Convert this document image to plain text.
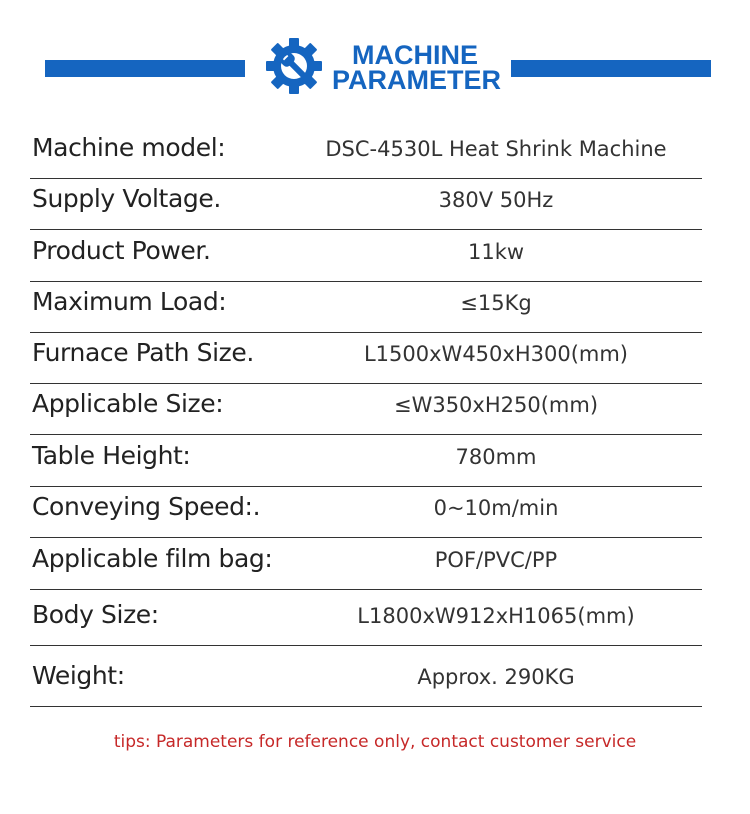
MACHINE
PARAMETER
Machine model:	DSC-4530L Heat Shrink Machine
Supply Voltage.	380V 50Hz
Product Power.	11kw
Maximum Load:	≤15Kg
Furnace Path Size.	L1500xW450xH300(mm)
Applicable Size:	≤W350xH250(mm)
Table Height:	780mm
Conveying Speed:.	0~10m/min
Applicable film bag:	POF/PVC/PP
Body Size:	L1800xW912xH1065(mm)
Weight:	Approx. 290KG
tips: Parameters for reference only, contact customer service
